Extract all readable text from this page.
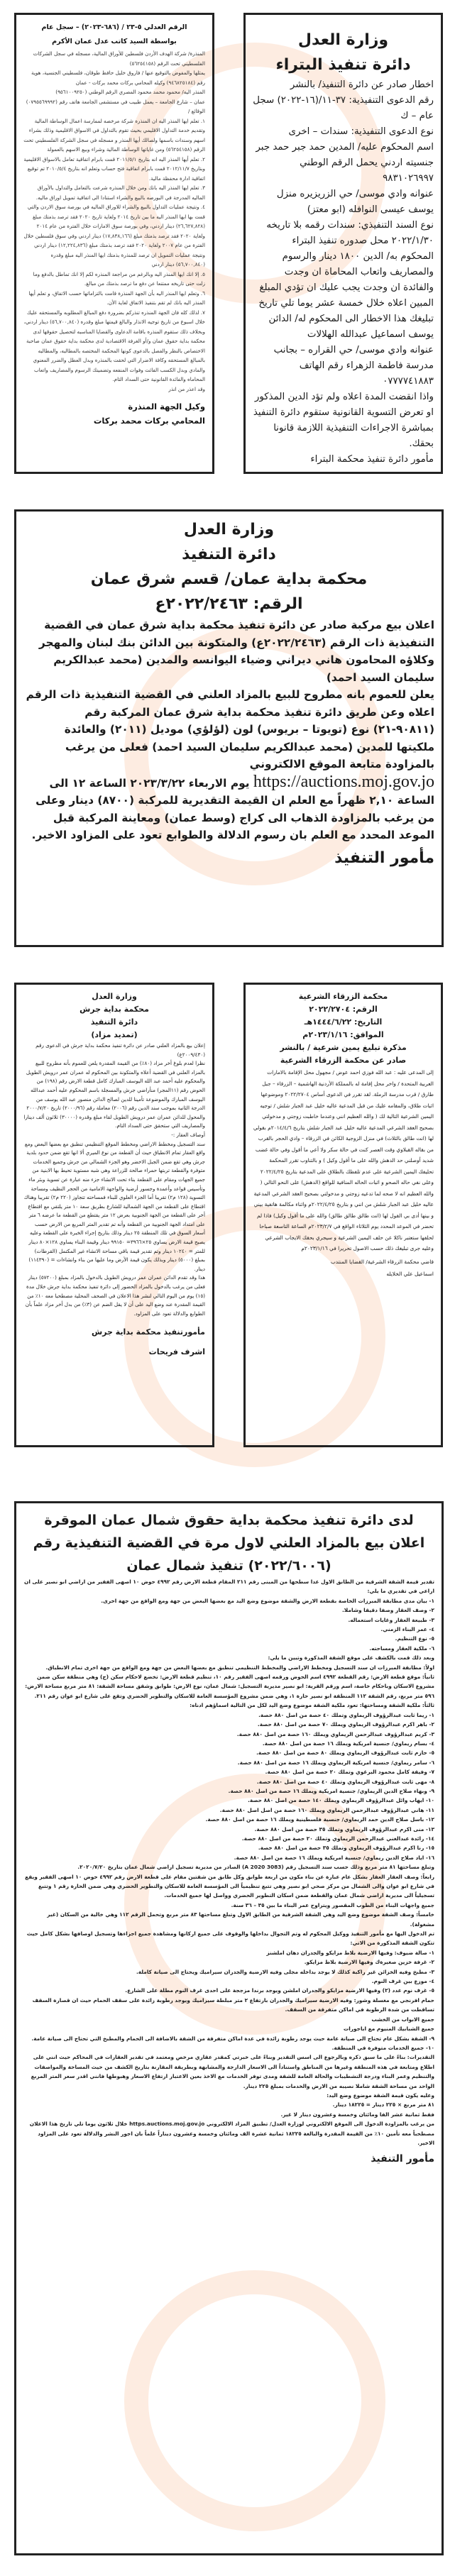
وزارة العدل

دائرة تنفيذ البتراء

اخطار صادر عن دائرة التنفيذ/ بالنشر

رقم الدعوى التنفيذية: ٣٧-١١/(١٦-٢٠٢٢) سجل عام – ك

نوع الدعوى التنفيذية: سندات – اخرى

اسم المحكوم عليه/ المدين حمد جبر حمد جبر جنسيته اردني يحمل الرقم الوطني ٩٨٣١٠٢٦٩٩٧

عنوانه وادي موسى/ حي الزريزيره منزل يوسف عيسى النوافله (ابو معتز)

نوع السند التنفيذي: سندات رقمه بلا تاريخه ٢٠٢٢/١/٣٠ محل صدوره تنفيذ البتراء

المحكوم به/ الدين ١٨٠٠ دينار والرسوم والمصاريف واتعاب المحاماة ان وجدت والفائدة ان وجدت يجب عليك ان تؤدي المبلغ المبين اعلاه خلال خمسة عشر يوما تلي تاريخ تبليغك هذا الاخطار الى المحكوم له/ الدائن يوسف اسماعيل عبدالله الهلالات

عنوانه وادي موسى/ حي القراره – بجانب مدرسة فاطمة الزهراء رقم الهاتف ٠٧٧٧٧٤١٨٨٣

واذا انقضت المدة اعلاه ولم تؤد الدين المذكور او تعرض التسوية القانونية ستقوم دائرة التنفيذ بمباشرة الاجراءات التنفيذية اللازمة قانونا بحقك.

مأمور دائرة تنفيذ محكمة البتراء

الرقم العدلي ٥-٢٣ / (٦٨٦-٢٠٢٣) – سجل عام

بواسطة السيد كاتب عدل عمان الأكرم

المنذرة/ شركة الهدف الأردن فلسطين للأوراق المالية، مسجله في سجل الشركات الفلسطيني تحت الرقم (٥٦٢٥٤١٥٨)

يمثلها والمفوض بالتوقيع عنها / فاروق خليل حافظ طوقان، فلسطيني الجنسية، هوية رقم (٩٤٦٨٢٥١٨٤) وكيله المحامي بركات محمد بركات - عمان

المنذر اليه/ محمود محمد محمود المصري الرقم الوطني (٩٥٦١٠٠٩٢٥٠)

عمان – شارع الجامعة – يعمل طبيب في مستشفى الجامعة هاتف رقم (٠٧٩٥٥٦٩٩٩٢)

الوقائع /

١. تعلم ايها المنذر اليه ان المنذره شركة مرخصه لممارسة اعمال الوساطة المالية وتقديم خدمة التداول الاقليمي بحيث تقوم بالتداول في الاسواق الاقليمية وذلك بشراء اسهم وسندات باسمها ولصالك أيها المنذر و مسجله في سجل الشركة الفلسطيني تحت الرقم (٥٦٢٥٤١٥٨) ومن غاياتها الوساطة المالية وشراء وبيع الاسهم بالعمولة

٢. تعلم أيها المنذر اليه انه بتاريخ ٢٠١١/٥/١ قمت بابرام اتفاقية تعامل بالاسواق الاقليمية وبتاريخ ٢٠١٢/١١/٧ قمت بابرام اتفاقية فتح حساب وتعلم انه بتاريخ ٢٠١٠/٥/٤ تم توقيع اتفاقية ادارة محفظة مالية.

٣. تعلم ايها المنذر اليه بانك ومن خلال المنذره شرعت بالتعامل والتداول بالأوراق الماليه المدرجة في البورصه بالبيع والشراء استنادا الى اتفاقية تمويل اوراق ماليه.

٤. ونتيجة عمليات التداول بالبيع والشراء للاوراق الماليه في بورصة سوق الاردن والتي قمت بها ايها المنذر اليه ما بين تاريخ ٢٠١٤ ولغاية تاريخ ٢٠٢٠ فقد ترصد بذمتك مبلغ (٢٦,٦٢٧,٨٢٨) دينار اردني، وفي بورصة سوق الامارات خلال الفتره من عام ٢٠١٤ ولغاية ٢٠٢٠ فقد ترصد بذمتك مبلغ (١٧,٨٣٨,١٦٦) دينار اردني وفي سوق فلسطين خلال الفترة من عام ٢٠٠٧ ولغاية ٢٠٢٠ فقد ترصد بذمتك مبلغ (١٢,٢٢٤,٨٣٦) دينار اردني ونتيجة عمليات التمويل ان ترصد للمنذرة بذمتك ايها المنذر اليه مبلغ وقدره (٥٦,٧٠٠,٨٤٠) دينار اردني

٥. إلا انك ايها المنذر اليه وبالرغم من مراجعة المنذره لكم إلا انك تماطل بالدفع وما زلت حتى تاريخه ممتنعا عن دفع ما ترصد بذمتك من مبالغ.

٦. وتعلم ايها المنذر اليه بأن الجهة المنذرة قامت بالتزاماتها حسب الاتفاق، و تعلم أيها المنذر اليه بانك لم تقم بتنفيذ الاتفاق لغاية الأن.

٧. لذلك كله فان الجهة المنذره تنذركم بضرورة دفع المبالغ المطلوبه والمستحقه عليك خلال اسبوع من تاريخ توجيه الانذار والبالغ قيمتها مبلغ وقدره (٥٦,٧٠٠,٨٤٠) دينار اردني، وبخلاف ذلك ستقوم المنذره باقامة الدعاوى والقضايا المناسبه لتحصيل حقوقها لدى محكمة بداية حقوق عمان و/أو الغرفة الاقتصادية لدى محكمة بداية حقوق عمان صاحبة الاختصاص بالنظر والفصل بالدعوى كونها المحكمة المختصه بالمطالبه، والمطالبه بالمبالغ المستحقه وكافة الاضرار التي لحقت بالمنذره وبدل العطل والضرر المعنوي والمادي وبدل الكسب الفائت وفوات المنفعه وتضمينك الرسوم والمصاريف واتعاب المحاماه والفائدة القانونية حتى السداد التام.

وقد اعذر من انذر

وكيل الجهة المنذرة

المحامي بركات محمد بركات

وزارة العدل

دائرة التنفيذ

محكمة بداية عمان/ قسم شرق عمان

الرقم: ٢٠٢٢/٢٤٦٣ع

اعلان بيع مركبة صادر عن دائرة تنفيذ محكمة بداية شرق عمان في القضية التنفيذية ذات الرقم (٢٠٢٢/٢٤٦٣ع) والمتكونة بين الدائن بنك لبنان والمهجر وكلاؤه المحامون هاني ديراني وضياء اليوانسه والمدين (محمد عبدالكريم سليمان السيد احمد)

يعلن للعموم بانه مطروح للبيع بالمزاد العلني في القضية التنفيذية ذات الرقم اعلاه وعن طريق دائرة تنفيذ محكمة بداية شرق عمان المركبة رقم (٩٠٨١١-٢١) نوع (تويوتا – بريوس) لون (لؤلؤي) موديل (٢٠١١) والعائدة ملكيتها للمدين (محمد عبدالكريم سليمان السيد احمد) فعلى من يرغب بالمزاودة متابعة الموقع الالكتروني

https://auctions.moj.gov.jo يوم الاربعاء ٢٠٢٣/٣/٢٢ الساعة ١٢ الى الساعة ٢,١٠ ظهراً مع العلم ان القيمة التقديرية للمركبة (٨٧٠٠) دينار وعلى من يرغب بالمزاودة الذهاب الى كراج (وسط عمان) ومعاينة المركبة قبل الموعد المحدد مع العلم بان رسوم الدلالة والطوابع تعود على المزاود الاخير.

مأمور التنفيذ

محكمة الزرقاء الشرعية

الرقم: ٢٠٢٢/٢٧٠٤

التاريخ: ١٤٤٤/٦/٢٢هـ

الموافق: ٢٠٢٣/١/١٦م

مذكرة تبليغ يمين شرعية / بالنشر

صادر عن محكمة الزرقاء الشرعية

إلى المدعى عليه : عبد الله فوزي احمد عوض / مجهول محل الإقامة بالامارات العربية المتحدة / واخر محل إقامة له بالمملكة الأردنية الهاشمية – الزرقاء – جبل طارق / قرب مدرسة الرملة. لقد تقرر في الدعوى أساس ٢٠٢٢/٢٧٠٤ وموضوعها اثبات طلاق، والمقامه عليك من قبل المدعية عاليه خليل عبد الجبار شلش / توجيه اليمين الشرعية التالية لك ( والله العظيم انني وعندما خاطبت زوجتي و مدخولتي بصحيح العقد الشرعي المدعية عاليه خليل عبد الجبار شلش بتاريخ ٢٠١٤/٤/٦م بقولي لها (انت طالق بالثلاث) في منزل الزوجية الكائن في الزرقاء – وادي الحجر بالقرب من بقاله القبلاوي وقت العصر كنت في حالة سكر ولا أعي ما أقول وفي حالة غضب شديد أوصلني حد الدهش والله على ما أقول وكيل ) و بالتناوب تقرر المحكمة تحليفك اليمين الشرعية على عدم تلفظك بالطلاق على المدعية بتاريخ ٢٠٢٢/٤/٢٥ وعلى نفي حاله الصحو و اثبات الحاله المنافية للواقع (الدهش) على النحو التالي ( والله العظيم انه لا صحه لما تدعيه زوجتي و مدخولتي بصحيح العقد الشرعي المدعية عاليه خليل عبد الجبار شلش من انني و بتاريخ ٢٠٢٢/٤/٢٥م واثناء مكالمة هاتفية بيني و بينها أدى بي القول لها (انت طالق طالق طالق) والله على ما أقول وكيل) فاذا لم تحضر في الموعد المحدد يوم الثلاثاء الواقع في ٢٠٢٣/٢/٧م الساعة التاسعة صباحا لحلفها ستعتبر ناكلا عن حلف اليمين الشرعية و سيجري بحقك الايجاب الشرعي وعليه جرى تبليغك ذلك حسب الاصول تحريرا في ٢٠٢٣/١/١٦م

قاضي محكمة الزرقاء الشرعية/ القضايا المنتدب

اسماعيل علي الخلايله

وزارة العدل

محكمة بداية جرش

دائرة التنفيذ

(تمديد مزاد)

إعلان بيع بالمزاد العلني صادر عن دائرة تنفيذ محكمة بداية جرش في الدعوى رقم (٢٠٠٩/٤٣٠ع)

نظرا لعدم بلوغ أخر مزاد (٨٠٪) من القيمة المقدرة يلعن للعموم بأنه مطروح للبيع بالمزاد العلني في القضية أعلاه والمتكونة بين المحكوم له عمران عمر درويش الطويل والمحكوم عليه أحمد عبد الله اليوسف المبارك كامل قطعة الارض رقم (١٩٨) من الحوض رقم (١١المجر) منأراضي جرش والمسجلة باسم المحكوم عليه أحمد عبدالله اليوسف المبارك والموضوعة تأمينا للدين لصالح الدائن منصور عبد الله يوسف من الدرجة الثانية بموجب سند الدين رقم (٢٠٠٦) معاملة رقم (٢٠٠٠/٩٦) تاريخ ٢٠٠٠/٧/٢٠ والمحول للدائن عمران عمر درويش الطويل لقاء مبلغ وقدره (٣٠٠٠٠) ثلاثون ألف دينارا والمصاريف التي ستحقق حتى السداد التام.

أوصاف العقار :-

سند التسجيل ومخطط الاراضي ومخطط الموقع التنظيمي تنطبق مع بعضها البعض ومع واقع العقار تمام الانطباق حيث أن القطعة من نوع الميري ألا انها تقع ضمن حدود بلدية جرش وهي تقع ضمن الجبل الاخضر وهو الجزء الشمالي من جرش وجميع الخدمات متوفرة والقطعة تربتها حمراء صالحة للزراعة وهي شبه مستوية تحيط بها الابنية من جميع الجهات ومقام على القطعة بناء تحت الانشاء جزء منه عبارة عن تسوية وبئر ماء وتأسيس قواعد وأعمدة وجسور أرضية والواجهة الامامية من الحجر النظيف ومساحة التسوية (١٢٨ م٢) تقريبا أما الجزء العلوي للبناء فمساحته تتجاوز (٢٢٠ م٢) تقريبا وهناك اقتطاع على القطعة من الجهة الشمالية للشارع بطريق سعة ١٠ متر يلتقي مع اقتطاع أخر على القطعة من الجهة الجنوبية بعرض ١٢ متر يقتطع من القطعة ما عرضه ٦ متر على امتداد الجهة الجنوبية من القطعة وأنه تم تقدير المتر المربع من الارض حسب أسعار السوق في تلك المنطقة ٢٥ دينار وذلك بتاريخ إجراء الخبرة على القطعة وعليه يصبح قيمة الارض يساوي ٢٥×٣٩٦٦= ٩٩١٥٠ دينار وقيمة البناء يساوي ١٢٨×٨٠ دينار للمتر = ١٠٢٤٠ دينار وتم تقدير قيمة باقي مساحة الانشاء غير المكتمل (القرطات) بمبلغ (٥٠٠٠) دينار وبذلك يكون قيمة الأرض وما عليها من بناء وانشاءات = (١١٤٣٩٠) دينار.

هذا وقد تقدم الدائن عمران عمر درويش الطويل بالدخول بالمزاد بمبلغ (٥٧٢٠٠) دينار فعلى من يرغب بالدخول بالمزاد الحضور إلى دائرة تنفيذ محكمة بداية جرش خلال مدة (١٥) يوم من اليوم التالي لنشر هذا الاعلان في الصحف المحلية مصطحبا معه ١٠٪ من القيمة المقدرة عند وضع اليد على أن لا يقل الضم عن (٣٪) من بدل أخر مزاد علماً بأن الطوابع والدلالة تعود على المزاود.

مأمورتنفيذ محكمة بداية جرش

اشرف فريحات

لدى دائرة تنفيذ محكمة بداية حقوق شمال عمان الموقرة

اعلان بيع بالمزاد العلني لاول مرة في القضية التنفيذية رقم

(٢٠٢٢/٦٠٠٦) تنفيذ شمال عمان

تقدير قيمة الشقة الشرقية من الطابق الاول عدا سطحها من المبنى رقم ٢١١ المقام قطعة الارض رقم ٤٩٩٢ حوض ١٠ اصهى الفقير من اراضي ابو نصير على ان اراعي في تقديري ما يلي:

١- بيان مدى مطابقة المبرزات الخاصة بقطعة الارض والشقة موضوع وضع اليد مع بعضها البعض من جهة ومع الواقع من جهة اخرى.

٢- وصف العقار وصفا دقيقا وشاملا.

٣- طبيعة العقار وغايات استعماله.

٤- عمر البناء الزمني.

٥- نوع التنظيم.

٦- ملكية العقار ومساحته.

وبعد ذلك قمت بالكشف على موقع الشقة المذكورة وتبين ما يلي:

اولاً: مطابقة المبرزات ان سند التسجيل ومخطط الاراضي والمخطط التنظيمي تنطبق مع بعضها البعض من جهة ومع الواقع من جهة اخرى تمام الانطباق.

ثانياً: موقع قطعة الارض: رقم القطعة ٤٩٩٢ اسم الحوض ورقمه اصهى الفقير رقم ١٠، تنظيم قطعة الارض: تخضع لاحكام سكن (ج) وهي منطقة سكن ضمن مشروع الاسكان وباحكام خاصة، اسم ورقم القرية: ابو نصير مديرية التسجيل: شمال عمان، نوع الارض: طوابق وشقق مساحة الشقة: ٨١ متر مربع مساحة الارض: ٥٩٦ متر مربع، رقم الشقة ١١٢ المنطقة ابو نصير حارة ١، وهي ضمن مشروع المؤسسة العامة للاسكان والتطوير الحضري وتقع على شارع ابو عوان رقم ٢١١.

ثالثاً: ملكية الشقة ومساحتها: تعود ملكية الشقة موضوع وضع اليد لكل من التالية اسماؤهم ادناه:

١- ريما ثابت عبدالرؤوف الريماوي وتملك ٤٠ حصة من اصل ٨٨٠ حصة.

٢- باهر اكرم عبدالرؤوف الريماوي ويملك ٧٠ حصة من اصل ٨٨٠ حصة.

٣- كريم عبدالرؤوف عبدالرحمن الريماوي ويملك ١٦٠ حصة من اصل ٨٨٠ حصة.

٤- بسام ريماوي/ جنسية امريكية ويملك ١٦ حصة من اصل ٨٨٠ حصة.

٥- حازم ثابت عبدالرؤوف الريماوي ويملك ٨٠ حصة من اصل ٨٨٠ حصة.

٦- سامر ريماوي/ جنسية امريكية الريماوي ويملك ١٦ حصة من اصل ٨٨٠ حصة.

٧- وفيقة كامل محمود البرغوي وتملك ٢٠ حصة من اصل ٨٨٠ حصة.

٨- مهى ثابت عبدالرؤوف الريماوي وتملك ٤٠ حصة من اصل ٨٨٠ حصة.

٩- وبهاء صلاح الدين الريماوي/ جنسية امريكية ويملك ١٦ حصة من اصل ٨٨٠ حصة.

١٠- ايهاب وائل عبدالرؤوف الريماوي ويملك ١٤٠ حصة من اصل ٨٨٠ حصة.

١١- هاني عبدالرؤوف عبدالرحمن الريماوي ويملك ١٦٠ حصة من اصل اصل ٨٨٠ حصة.

١٢- باسل صلاح الدين حمد الريماوي/ جنسية فلسطينية ويملك ١٦ حصة من اصل ٨٨٠ حصة.

١٣- منى اكرم عبدالرؤوف الريماوي وتملك ٣٥ حصة من اصل ٨٨٠ حصة.

١٤- رائدة عبدالغني عبدالرحمن الريماوي وتملك ٢٠ حصة من اصل ٨٨٠ حصة.

١٥- رنا اكرم عبدالرؤوف الريماوي وتملك ٣٥ حصة من اصل ٨٨٠ حصة.

١٦- اياد صلاح الدين ريماوي/ جنسية امريكية ويملك ١٦ حصة من اصل ٨٨٠ حصة.

وتبلغ مساحتها ٨١ متر مربع وذلك حسب سند التسجيل رقم (A 2020 3083) الصادر من مديرية تسجيل اراضي شمال عمان بتاريخ ٢٠٢٠/٧/٢٠.

رابعاً: وصف العقار العقار بشكل عام عبارة عن بناء مكون من اربعة طوابق وكل طابق من شقتين مقام على قطعة الارض رقم ٤٩٩٢ حوض ١٠ اصهى الفقير ويقع في شارع ابو عوان والى الشمال من مركز صحي ابو نصير وهي تتبع تنظيمياً الى المؤسسة العامة للاسكان والتطوير الحضري وهي ضمن الحارة رقم ١ وتتبع تسجيلياً الى مديرية اراضي شمال عمان والقطعة ضمن اسكان التطوير الحضري وواصل لها جميع الخدمات.

جميع واجهات البناء من الطوب المقصور ويتراوح عمر البناء ما بين ٣٥ – ٣٦ سنة.

خامساً: وصف الشقة موضوع وضع اليد وهي الشقة الشرقية من الطابق الاول وتبلغ مساحتها ٨٣ متر مربع وتحمل الرقم ١١٢ وهي خالية من السكان (غير مشغولة).

تم الدخول اليها مع مأمور التنفيذ ووكيل المحكوم له وتم التجوال بداخلها والوقوف على جميع اركانها ومشاهدة جميع اجزاءها وتسجيل اوصافها بشكل كامل حيث تتكون الشقة المذكورة من الاتي:

١- صالة ضيوف: وفيها الارضية بلاط مزايكو والجدران دهان املشنز

٢- غرفة خزين صغيرةك وفيها الارضية بلاط مزايكو.

٣- مطبخ وفيه الخزائن غير راكبة كذلك لا يوجد بداخله مجلى وفيه الارضية والجدران سيراميك ويحتاج الى صيانة كاملة.

٤- موزع بين غرف النوم.

٥- غرف نوم عدد (٢) وفيها الارضية مزايكو والجدران املشن ويوجد برندا مزججة على احدى غرف النوم مطلة على الشارع.

حمام افرنجي مع مغسلة وشور: وفيه الارضية سيراميك والجدران بارتفاع ٢ متر مبلطة سيراميك ويوجد رطوبة زائدة على سقف الحمام حيث ان قصارة السقف تساقطت من شدة الرطوبة في اماكن متفرقة من السقف.

جميع الابواب من الخشب

جميع الشبابيك المنيوم مع اباجورات

٩- الشقة بشكل عام تحتاج الى صيانة عامة حيث يوجد رطوبة زائدة في عدة اماكن متفرقة من الشقة بالاضافة الى الحمام والمطبخ التي تحتاج الى صيانة عامة.

١٠- جميع الخدمات متوفرة في المنطقة.

التقديرات: بناءً على ما سبق ذكره وبالرجوع الى اسس التقدير وبناءً على خبرتي كمقدر عقاري مرخص ومعتمد في تقدير العقارات في المحاكم حيث انني على اطلاع ومتابعة في هذه المنطقة وغيرها من المناطق واستناداً الى الاسعار الدارجة والمشابهة وبطريقة المقارنة بتاريخ الكشف من حيث المساحة والمواصفات والتنظيم وعمر البناء ودرجة التشطيبات والحالة العامة للشقة ومدى توفر الخدمات مع الاخذ بعين الاعتبار ارتفاع الاسعار وهبوطها فانني اقدر سعر المتر المربع الواحد من مساحة الشقة شاملا نصيبه من الارض والخدمات بمبلغ ٢٢٥ دينار.

وعليه يكون قيمة الشقة موضوع وضع اليد:

٨١ متر مربع × ٢٢٥ دينار = ١٨٢٢٥ دينار.

فقط ثمانية عشر الفا ومائتان وخمسة وعشرون دينار لا غير.

من يرغب بالمزاودة الدخول الى الموقع الالكتروني لوزارة العدل/ تطبيق المزاد الالكتروني https.auctions.moj.gov.jo خلال ثلاثون يوما تلي تاريخ هذا الاعلان مصطحباً معه تأمين ١٠٪ من القيمة المقدرة والبالغة ١٨٢٢٥ ثمانية عشرة الف ومائتان وخمسة وعشرون ديناراً علماً بان اجور النشر والدلالة تعود على المزاود الاخير.

مأمور التنفيذ
